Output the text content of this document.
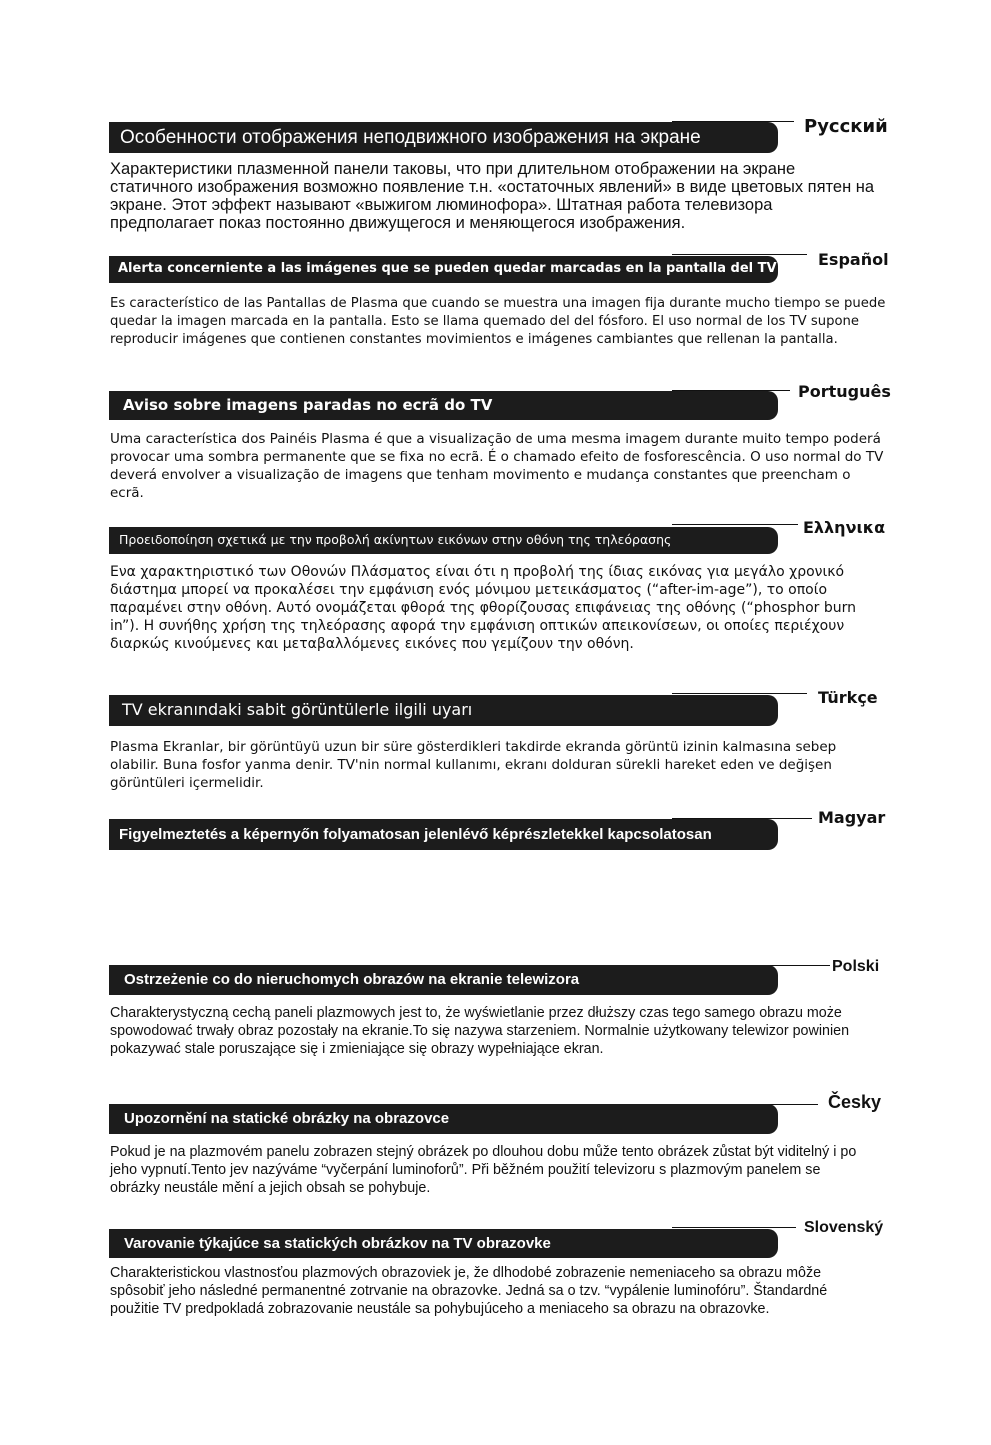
Русский
Особенности отображения неподвижного изображения на экране

Характеристики плазменной панели таковы, что при длительном отображении на экране статичного изображения возможно появление т.н. «остаточных явлений» в виде цветовых пятен на экране. Этот эффект называют «выжигом люминофора». Штатная работа телевизора предполагает показ постоянно движущегося и меняющегося изображения.

Español
Alerta concerniente a las imágenes que se pueden quedar marcadas en la pantalla del TV

Es característico de las Pantallas de Plasma que cuando se muestra una imagen fija durante mucho tiempo se puede quedar la imagen marcada en la pantalla. Esto se llama quemado del del fósforo. El uso normal de los TV supone reproducir imágenes que contienen constantes movimientos e imágenes cambiantes que rellenan la pantalla.

Português
Aviso sobre imagens paradas no ecrã do TV

Uma característica dos Painéis Plasma é que a visualização de uma mesma imagem durante muito tempo poderá provocar uma sombra permanente que se fixa no ecrã. É o chamado efeito de fosforescência. O uso normal do TV deverá envolver a visualização de imagens que tenham movimento e mudança constantes que preencham o ecrã.

Ελληνικα
Προειδοποίηση σχετικά με την προβολή ακίνητων εικόνων στην οθόνη της τηλεόρασης

Ενα χαρακτηριστικό των Οθονών Πλάσματος είναι ότι η προβολή της ίδιας εικόνας για μεγάλο χρονικό διάστημα μπορεί να προκαλέσει την εμφάνιση ενός μόνιμου μετεικάσματος (“after-im-age”), το οποίο παραμένει στην οθόνη. Αυτό ονομάζεται φθορά της φθορίζουσας επιφάνειας της οθόνης (“phosphor burn in”). Η συνήθης χρήση της τηλεόρασης αφορά την εμφάνιση οπτικών απεικονίσεων, οι οποίες περιέχουν διαρκώς κινούμενες και μεταβαλλόμενες εικόνες που γεμίζουν την οθόνη.

Türkçe
TV ekranındaki sabit görüntülerle ilgili uyarı

Plasma Ekranlar, bir görüntüyü uzun bir süre gösterdikleri takdirde ekranda görüntü izinin kalmasına sebep olabilir. Buna fosfor yanma denir. TV'nin normal kullanımı, ekranı dolduran sürekli hareket eden ve değişen görüntüleri içermelidir.

Magyar
Figyelmeztetés a képernyőn folyamatosan jelenlévő képrészletekkel kapcsolatosan
Polski
Ostrzeżenie co do nieruchomych obrazów na ekranie telewizora

Charakterystyczną cechą paneli plazmowych jest to, że wyświetlanie przez dłuższy czas tego samego obrazu może spowodować trwały obraz pozostały na ekranie.To się nazywa starzeniem. Normalnie użytkowany telewizor powinien pokazywać stale poruszające się i zmieniające się obrazy wypełniające ekran.

Česky
Upozornění na statické obrázky na obrazovce

Pokud je na plazmovém panelu zobrazen stejný obrázek po dlouhou dobu může tento obrázek zůstat být viditelný i po jeho vypnutí.Tento jev nazýváme “vyčerpání luminoforů”. Při běžném použití televizoru s plazmovým panelem se obrázky neustále mění a jejich obsah se pohybuje.

Slovenský
Varovanie týkajúce sa statických obrázkov na TV obrazovke

Charakteristickou vlastnosťou plazmových obrazoviek je, že dlhodobé zobrazenie nemeniaceho sa obrazu môže spôsobiť jeho následné permanentné zotrvanie na obrazovke. Jedná sa o tzv. “vypálenie luminofóru”. Štandardné použitie TV predpokladá zobrazovanie neustále sa pohybujúceho a meniaceho sa obrazu na obrazovke.
